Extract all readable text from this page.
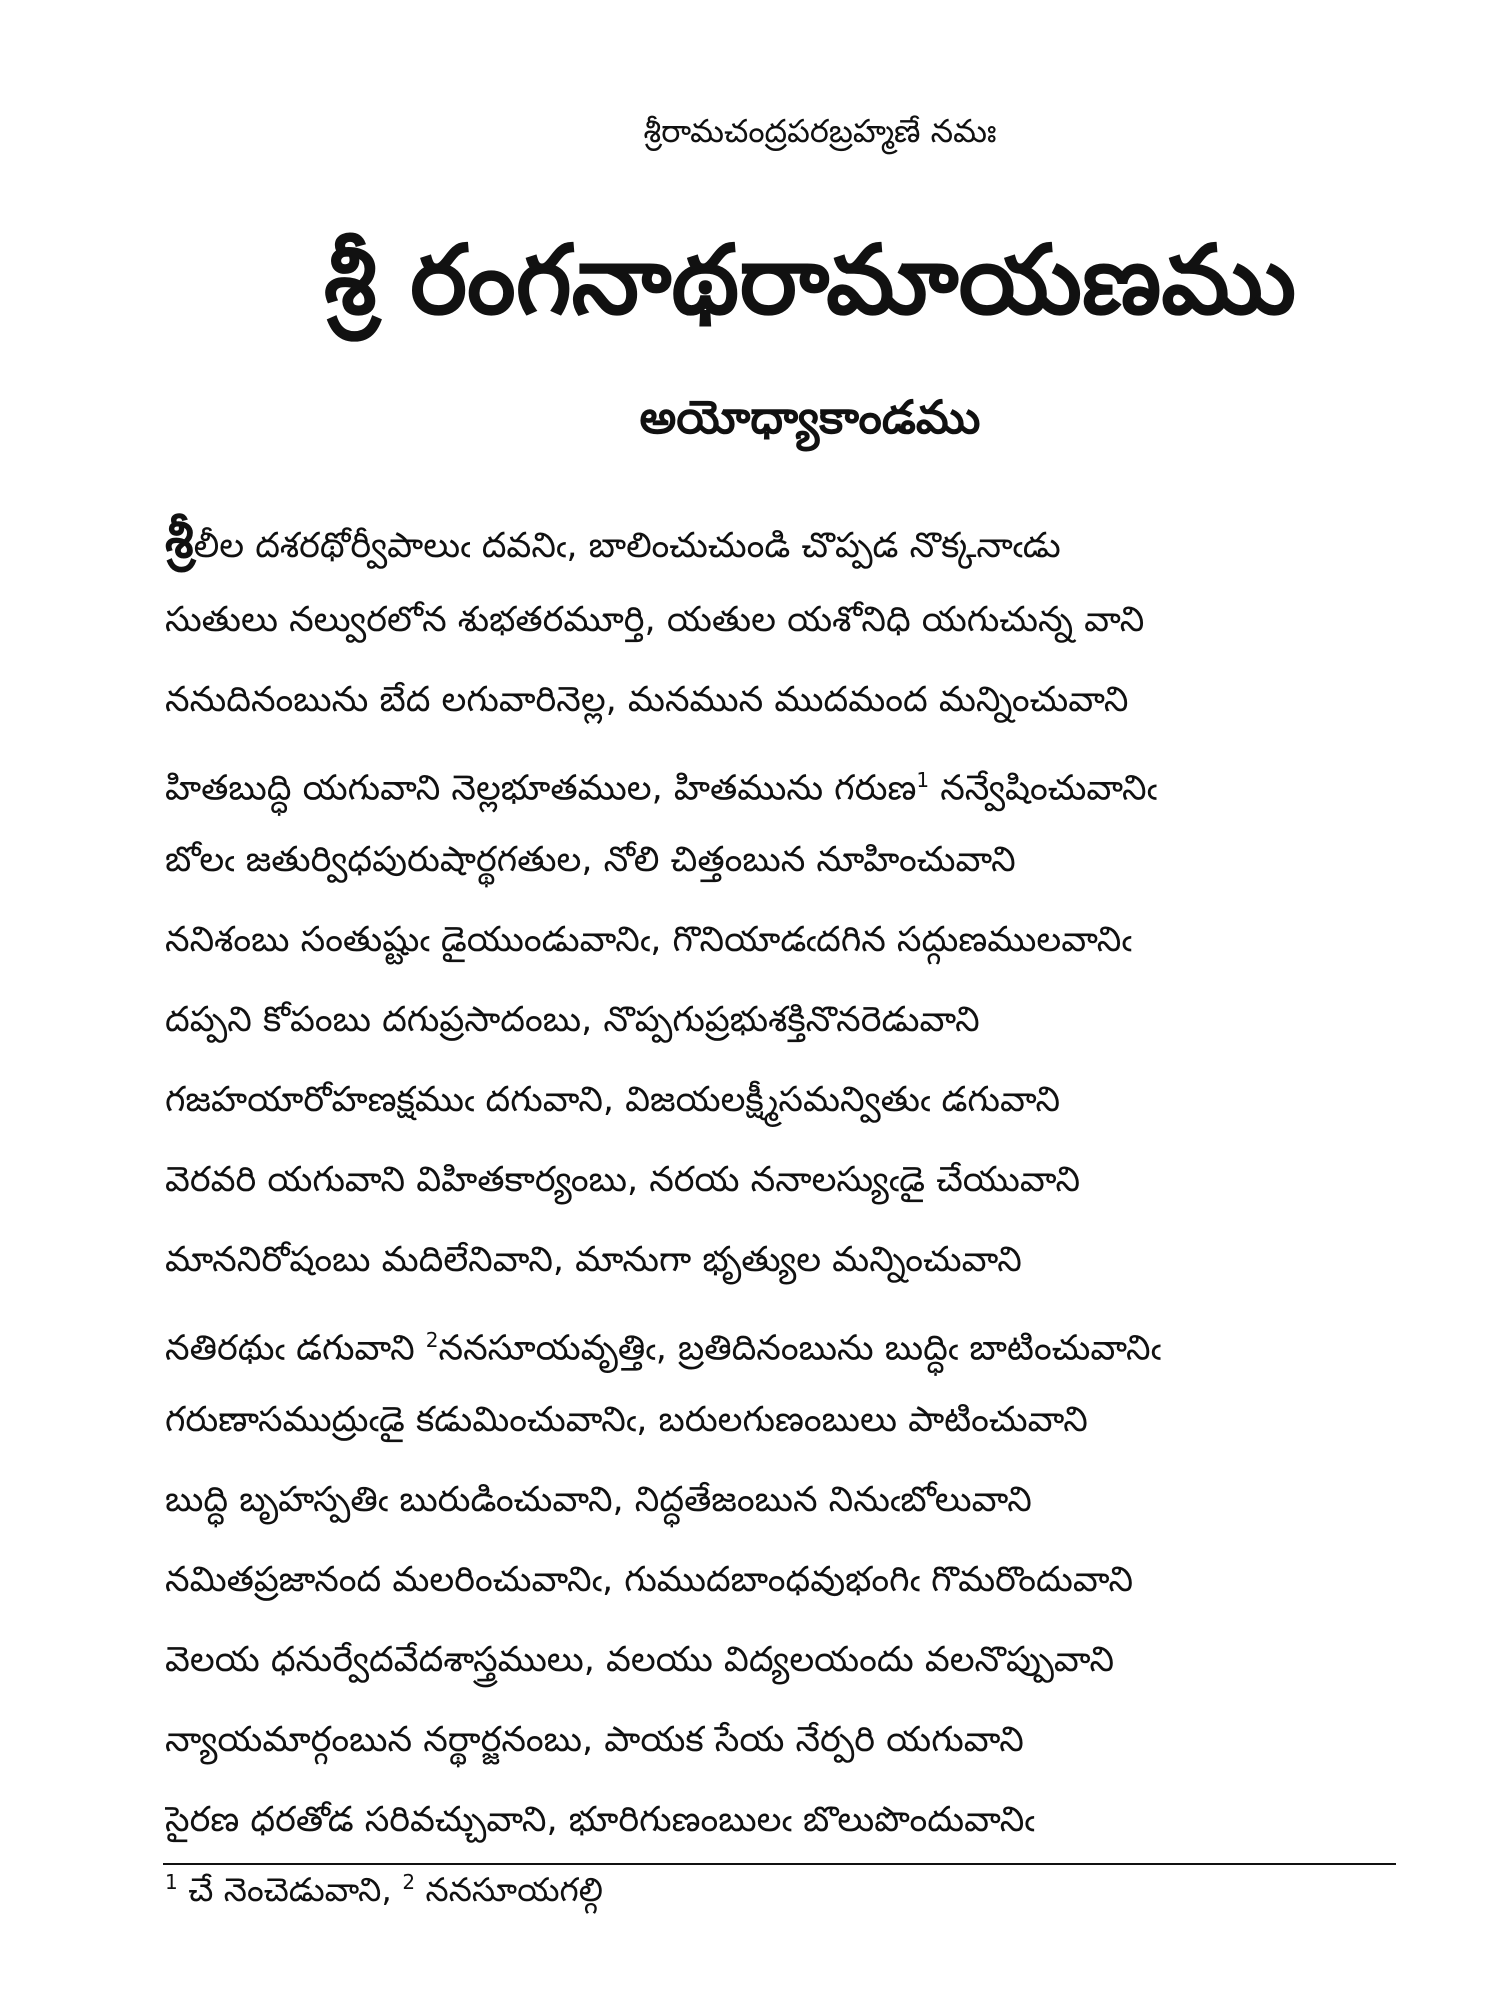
శ్రీరామచంద్రపరబ్రహ్మణే నమః
శ్రీ రంగనాథరామాయణము
అయోధ్యాకాండము
శ్రీలీల దశరథోర్వీపాలుఁ దవనిఁ, బాలించుచుండి చొప్పడ నొక్కనాఁడు
సుతులు నల్వురలోన శుభతరమూర్తి, యతుల యశోనిధి యగుచున్న వాని
ననుదినంబును బేద లగువారినెల్ల, మనమున ముదమంద మన్నించువాని
హితబుద్ధి యగువాని నెల్లభూతముల, హితమును గరుణ$^1$ నన్వేషించువానిఁ
బోలఁ జతుర్విధపురుషార్థగతుల, నోలి చిత్తంబున నూహించువాని
ననిశంబు సంతుష్టుఁ డైయుండువానిఁ, గొనియాడఁదగిన సద్గుణములవానిఁ
దప్పని కోపంబు దగుప్రసాదంబు, నొప్పగుప్రభుశక్తినొనరెడువాని
గజహయారోహణక్షముఁ దగువాని, విజయలక్ష్మీసమన్వితుఁ డగువాని
వెరవరి యగువాని విహితకార్యంబు, నరయ ననాలస్యుఁడై చేయువాని
మాననిరోషంబు మదిలేనివాని, మానుగా భృత్యుల మన్నించువాని
నతిరథుఁ డగువాని $^2$ననసూయవృత్తిఁ, బ్రతిదినంబును బుద్ధిఁ బాటించువానిఁ
గరుణాసముద్రుఁడై కడుమించువానిఁ, బరులగుణంబులు పాటించువాని
బుద్ధి బృహస్పతిఁ బురుడించువాని, నిద్ధతేజంబున నినుఁబోలువాని
నమితప్రజానంద మలరించువానిఁ, గుముదబాంధవుభంగిఁ గొమరొందువాని
వెలయ ధనుర్వేదవేదశాస్త్రములు, వలయు విద్యలయందు వలనొప్పువాని
న్యాయమార్గంబున నర్థార్జనంబు, పాయక సేయ నేర్పరి యగువాని
సైరణ ధరతోడ సరివచ్చువాని, భూరిగుణంబులఁ బొలుపొందువానిఁ
$^1$ చే నెంచెడువాని, $^2$ ననసూయగల్గి
